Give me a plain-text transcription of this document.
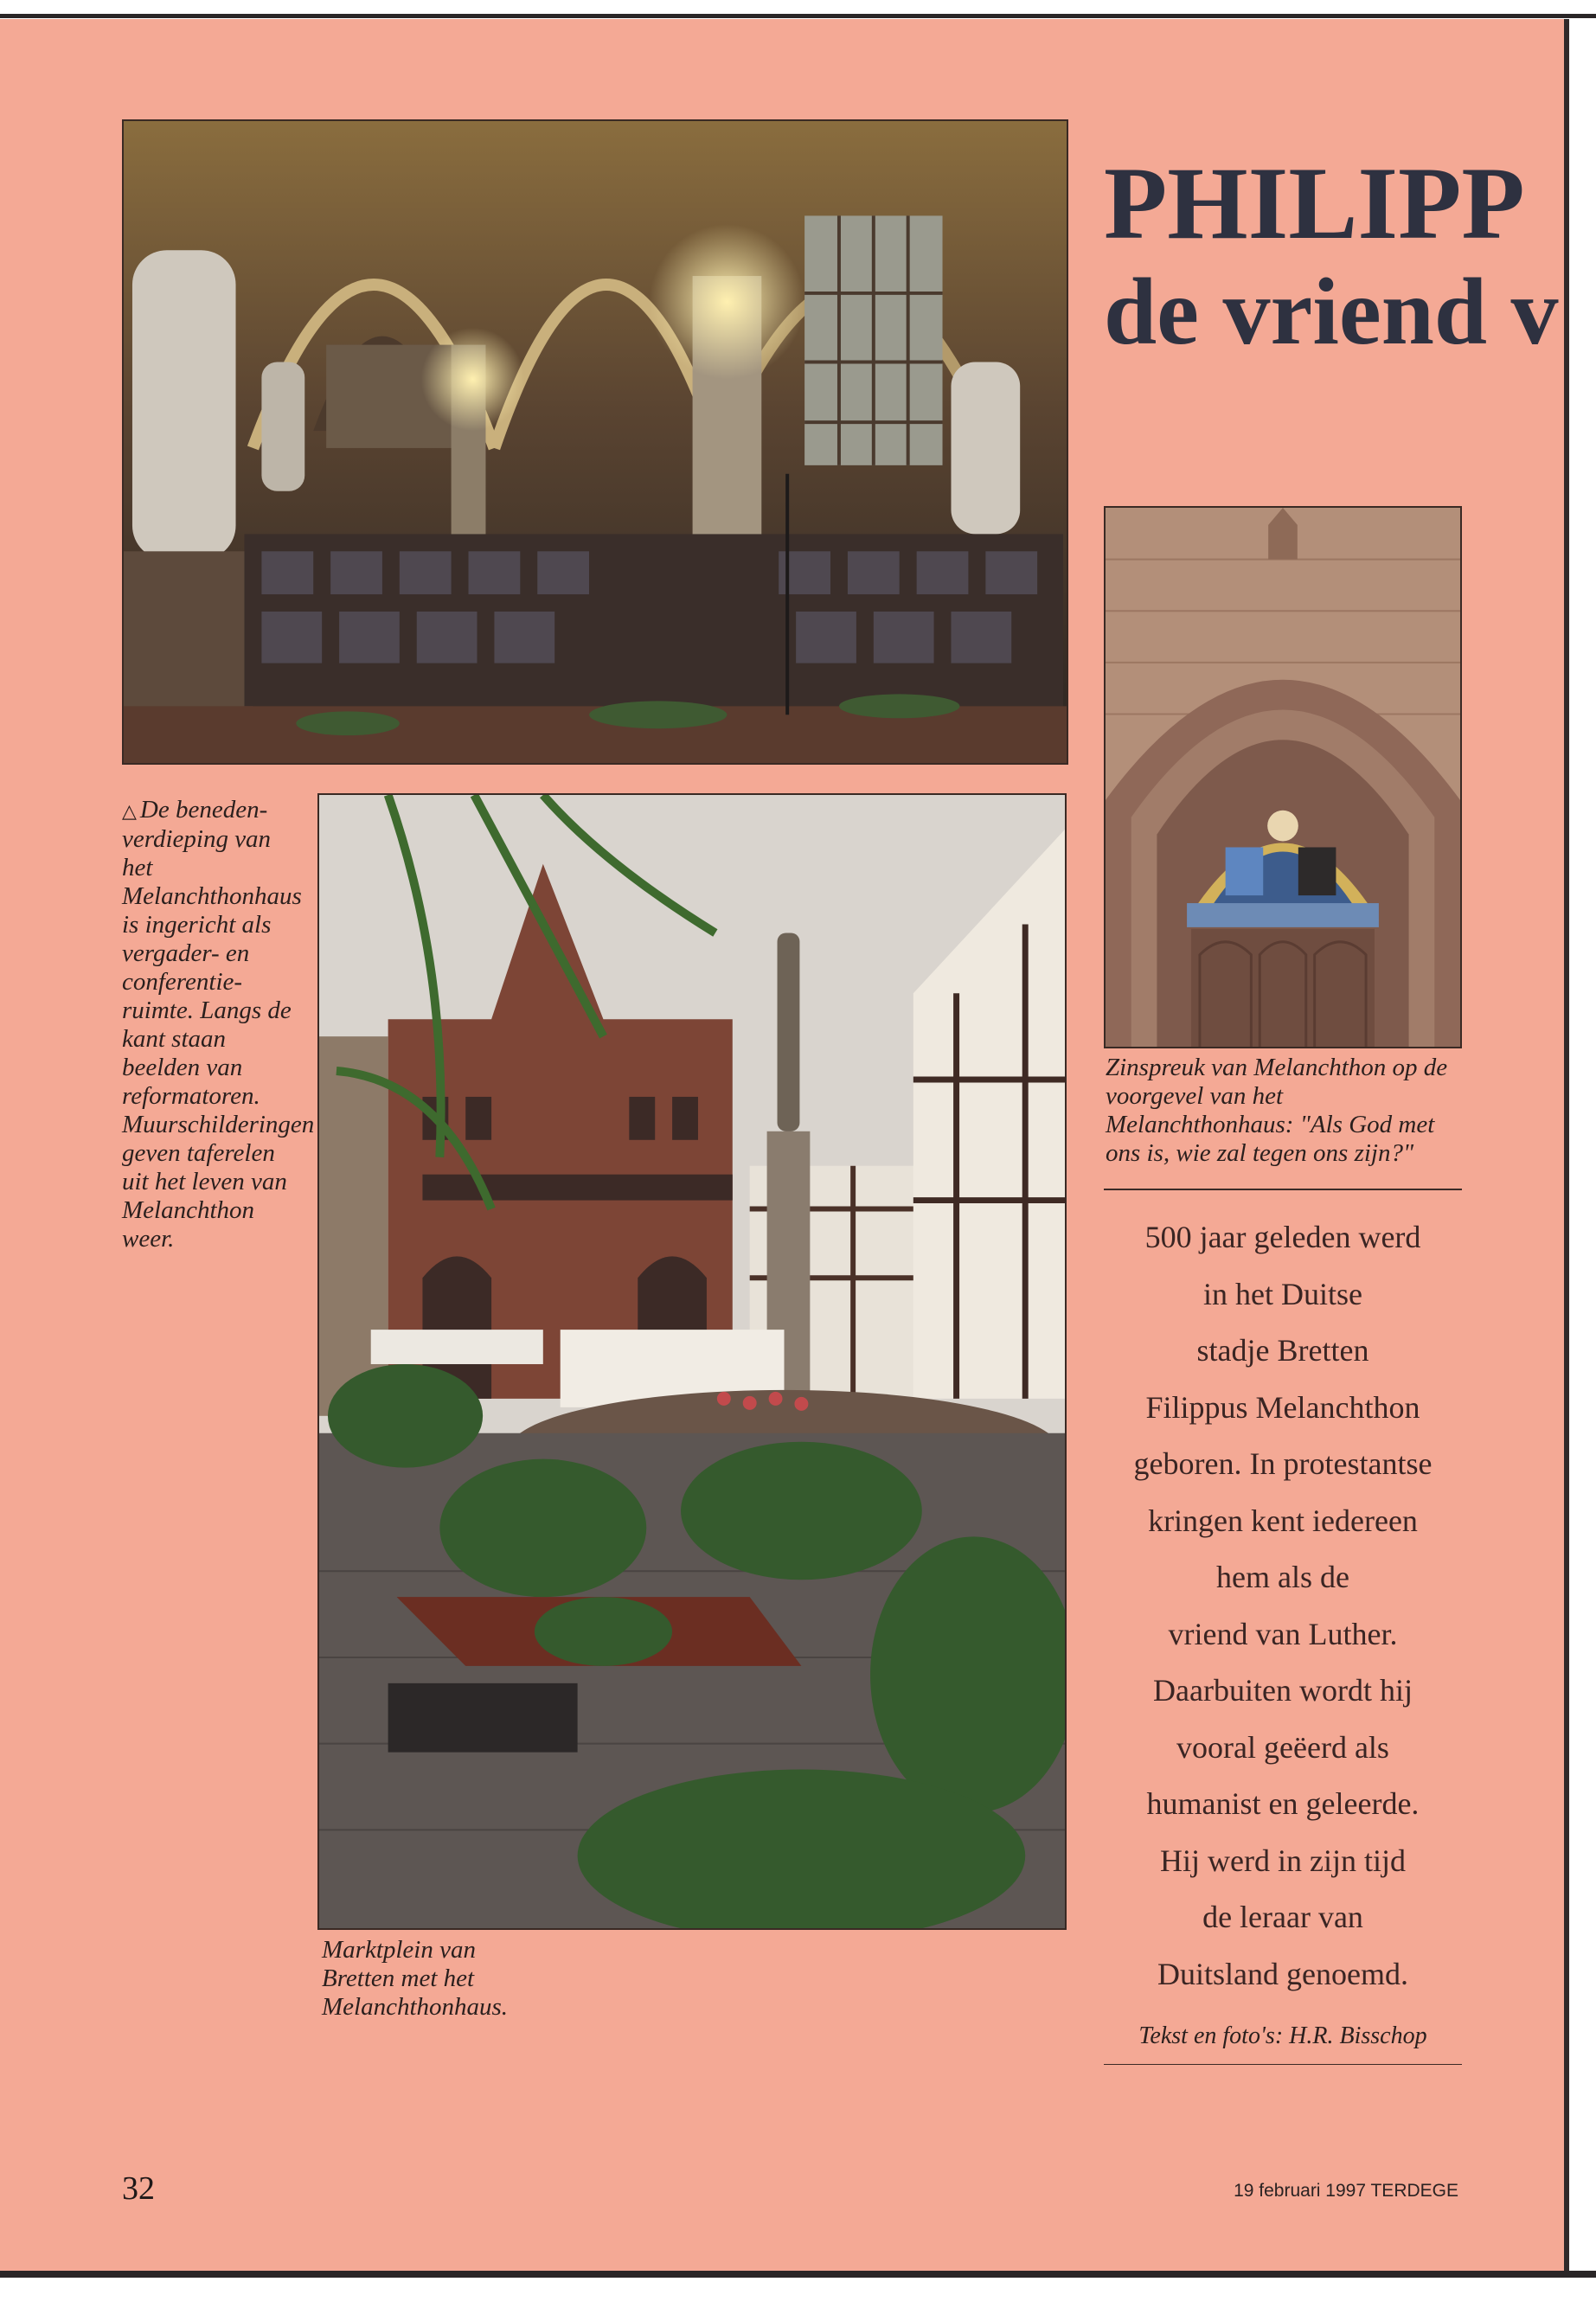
PHILIPP
de vriend v
△ De beneden-verdieping van het Melanchthonhaus is ingericht als vergader- en conferentie-ruimte. Langs de kant staan beelden van reformatoren. Muurschilderingen geven taferelen uit het leven van Melanchthon weer.
Marktplein van Bretten met het Melanchthonhaus.
Zinspreuk van Melanchthon op de voorgevel van het Melanchthonhaus: "Als God met ons is, wie zal tegen ons zijn?"
500 jaar geleden werd
in het Duitse
stadje Bretten
Filippus Melanchthon
geboren. In protestantse
kringen kent iedereen
hem als de
vriend van Luther.
Daarbuiten wordt hij
vooral geëerd als
humanist en geleerde.
Hij werd in zijn tijd
de leraar van
Duitsland genoemd.
Tekst en foto's: H.R. Bisschop
32	19 februari 1997 TERDEGE
